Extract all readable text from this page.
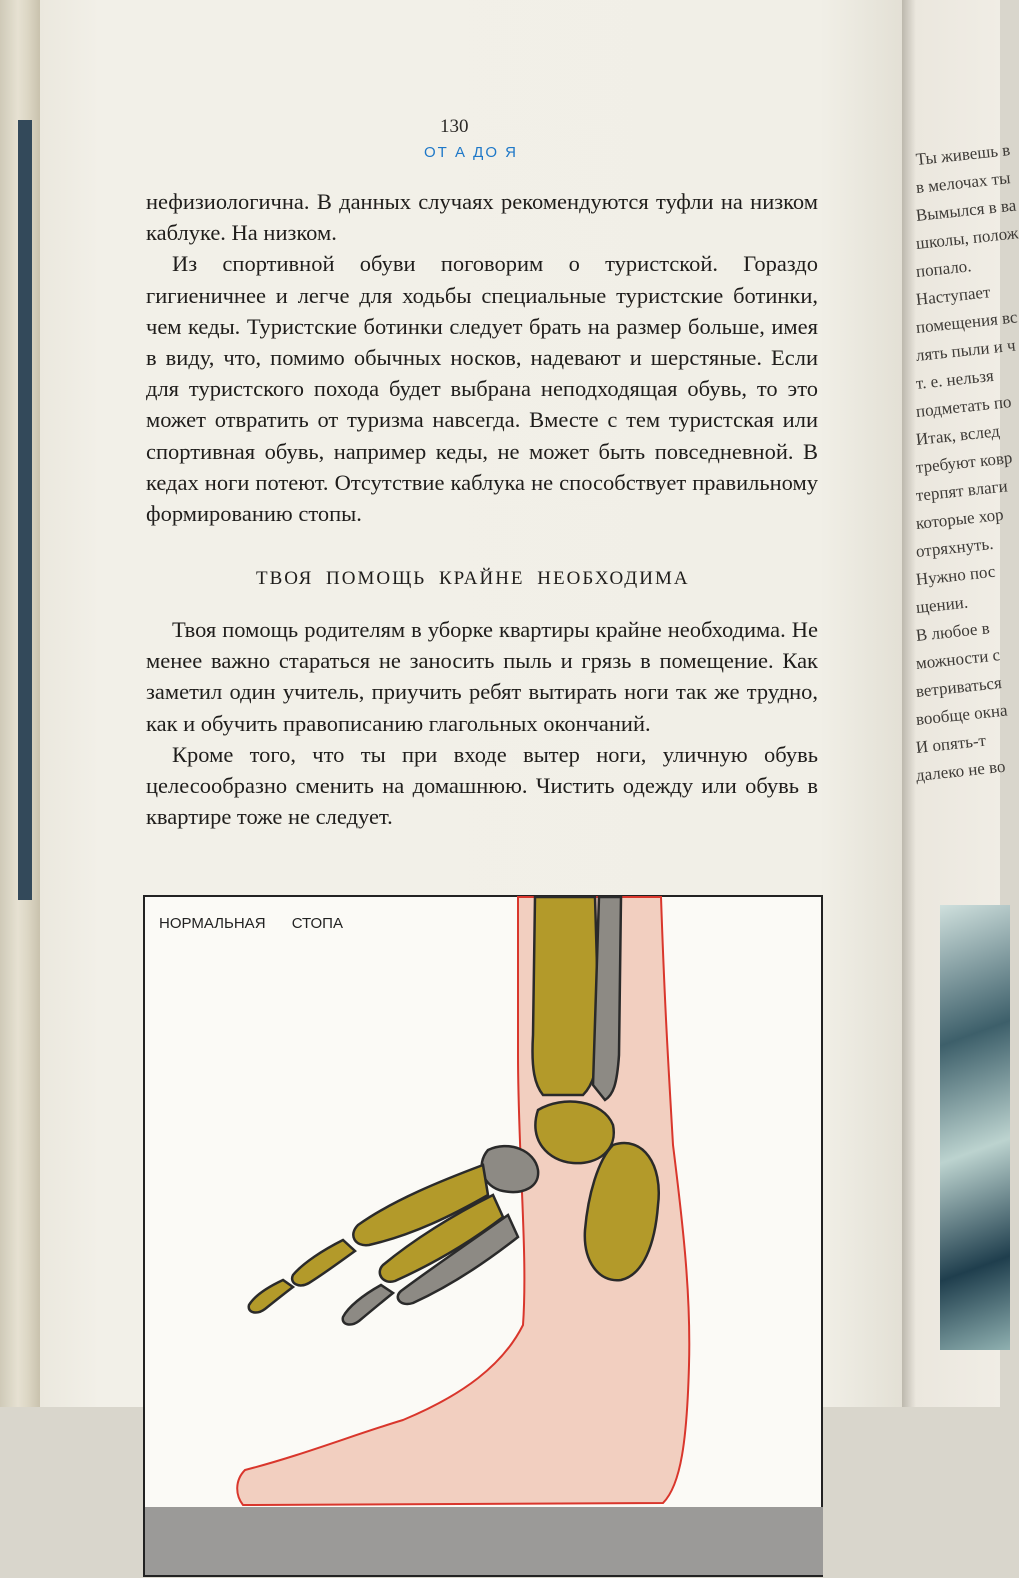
Ты живешь в
в мелочах ты
Вымылся в ва
школы, полож
попало.
Наступает
помещения вс
лять пыли и ч
т. е. нельзя
подметать по
Итак, вслед
требуют ковр
терпят влаги
которые хор
отряхнуть.
Нужно пос
щении.
В любое в
можности с
ветриваться
вообще окна
И опять-т
далеко не во
130
ОТ А ДО Я

нефизиологична. В данных случаях рекомендуются туфли на низком каблуке. На низком.

Из спортивной обуви поговорим о туристской. Гораздо гигиеничнее и легче для ходьбы специальные туристские ботинки, чем кеды. Туристские ботинки следует брать на размер больше, имея в виду, что, помимо обычных носков, надевают и шерстяные. Если для туристского похода будет выбрана неподходящая обувь, то это может отвратить от туризма навсегда. Вместе с тем туристская или спортивная обувь, например кеды, не может быть повседневной. В кедах ноги потеют. Отсутствие каблука не способствует правильному формированию стопы.

ТВОЯ ПОМОЩЬ КРАЙНЕ НЕОБХОДИМА

Твоя помощь родителям в уборке квартиры крайне необходима. Не менее важно стараться не заносить пыль и грязь в помещение. Как заметил один учитель, приучить ребят вытирать ноги так же трудно, как и обучить правописанию глагольных окончаний.

Кроме того, что ты при входе вытер ноги, уличную обувь целесообразно сменить на домашнюю. Чистить одежду или обувь в квартире тоже не следует.

НОРМАЛЬНАЯ СТОПА
